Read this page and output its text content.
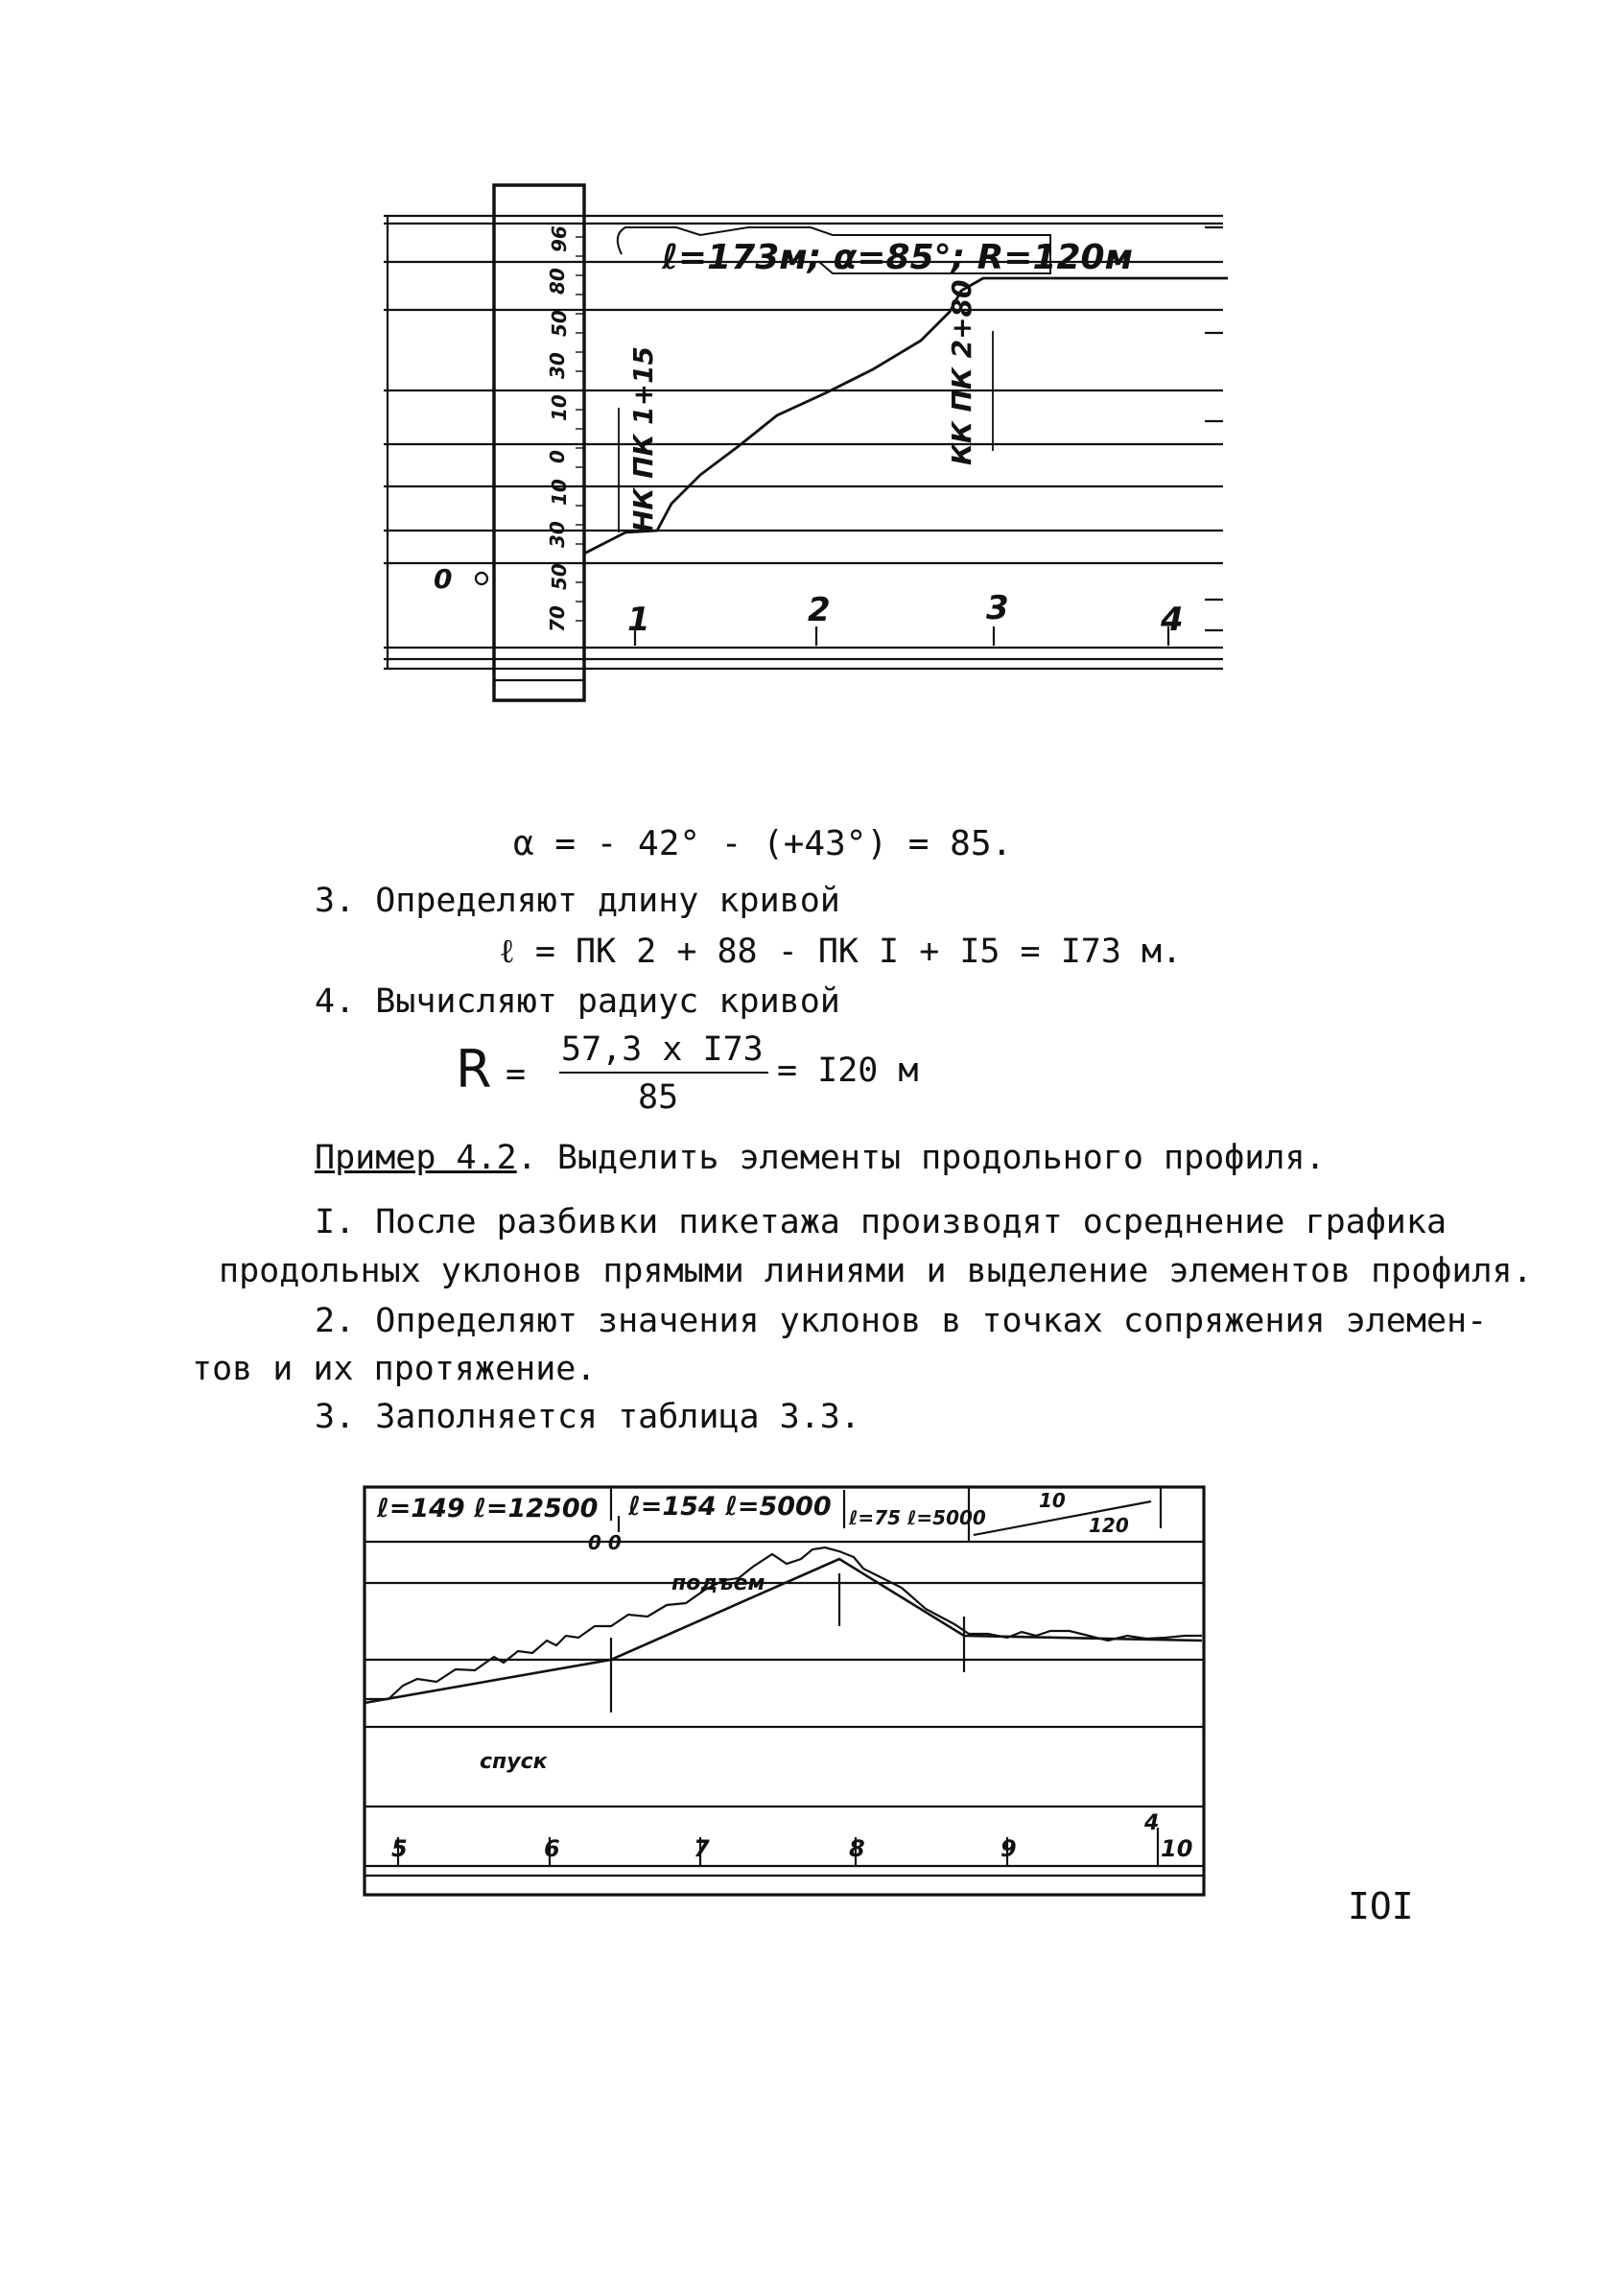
ℓ=173м; α=85°; R=120м
96
80
50
30
10
0
10
30
50
70
НК ПК 1+15	КК ПК 2+80
0
1	2	3	4
α = - 42° - (+43°) = 85.
3. Определяют длину кривой
ℓ = ПК 2 + 88 - ПК I + I5 = I73 м.
4. Вычисляют радиус кривой
R =
57,3 x I73
85
= I20 м
Пример 4.2. Выделить элементы продольного профиля.
I. После разбивки пикетажа производят осреднение графика
продольных уклонов прямыми линиями и выделение элементов профиля.
2. Определяют значения уклонов в точках сопряжения элемен-
тов и их протяжение.
3. Заполняется таблица 3.3.
ℓ=149 ℓ=12500 ℓ=154 ℓ=5000 ℓ=75 ℓ=5000
10
120
0 0
подъем
спуск
5	6	7	8	9	10
4
IOI
